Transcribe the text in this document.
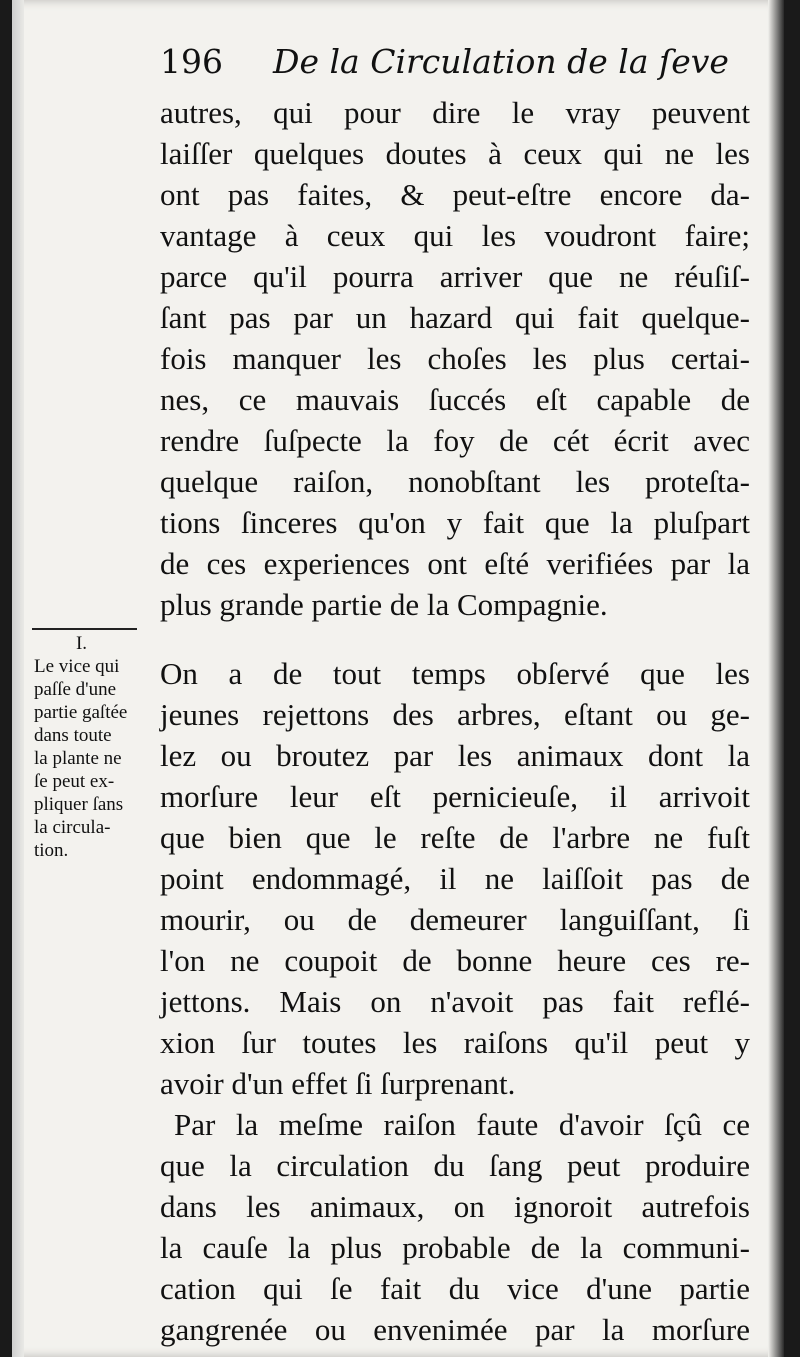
196 De la Circulation de la ſeve

autres, qui pour dire le vray peuvent
laiſſer quelques doutes à ceux qui ne les
ont pas faites, & peut-eſtre encore da-
vantage à ceux qui les voudront faire;
parce qu'il pourra arriver que ne réuſiſ-
ſant pas par un hazard qui fait quelque-
fois manquer les choſes les plus certai-
nes, ce mauvais ſuccés eſt capable de
rendre ſuſpecte la foy de cét écrit avec
quelque raiſon, nonobſtant les proteſta-
tions ſinceres qu'on y fait que la pluſpart
de ces experiences ont eſté verifiées par la
plus grande partie de la Compagnie.

On a de tout temps obſervé que les
jeunes rejettons des arbres, eſtant ou ge-
lez ou broutez par les animaux dont la
morſure leur eſt pernicieuſe, il arrivoit
que bien que le reſte de l'arbre ne fuſt
point endommagé, il ne laiſſoit pas de
mourir, ou de demeurer languiſſant, ſi
l'on ne coupoit de bonne heure ces re-
jettons. Mais on n'avoit pas fait reflé-
xion ſur toutes les raiſons qu'il peut y
avoir d'un effet ſi ſurprenant.

Par la meſme raiſon faute d'avoir ſçû ce
que la circulation du ſang peut produire
dans les animaux, on ignoroit autrefois
la cauſe la plus probable de la communi-
cation qui ſe fait du vice d'une partie
gangrenée ou envenimée par la morſure

I.
Le vice qui
paſſe d'une
partie gaſtée
dans toute
la plante ne
ſe peut ex-
pliquer ſans
la circula-
tion.
